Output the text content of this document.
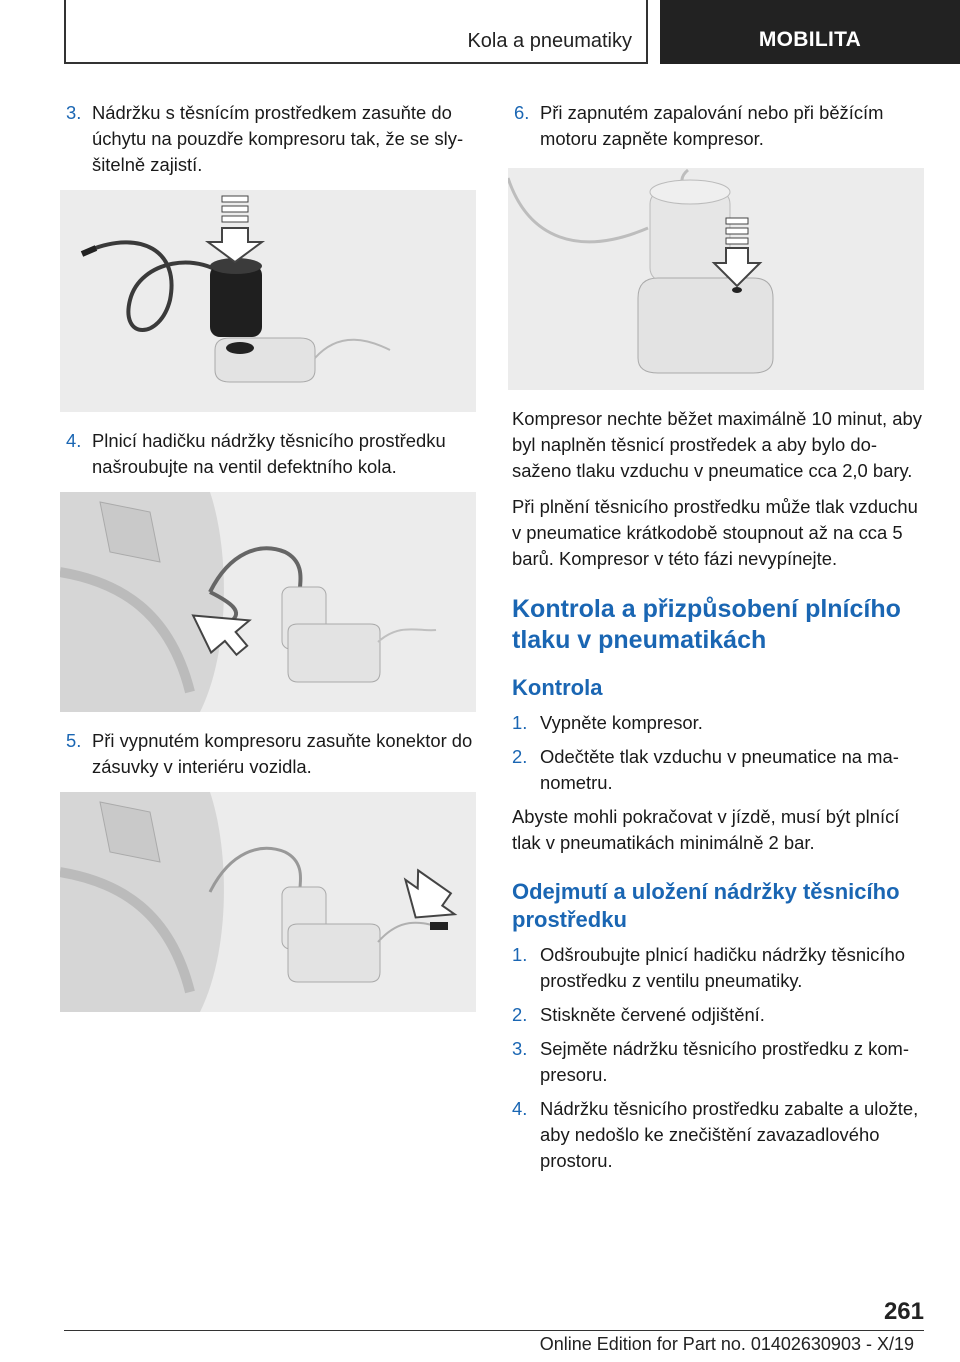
Kola a pneumatiky	MOBILITA
3. Nádržku s těsnícím prostředkem zasuňte do úchytu na pouzdře kompresoru tak, že se slyšitelně zajistí.
4. Plnicí hadičku nádržky těsnicího prostředku našroubujte na ventil defektního kola.
5. Při vypnutém kompresoru zasuňte konektor do zásuvky v interiéru vozidla.
6. Při zapnutém zapalování nebo při běžícím motoru zapněte kompresor.

Kompresor nechte běžet maximálně 10 minut, aby byl naplněn těsnicí prostředek a aby bylo dosaženo tlaku vzduchu v pneumatice cca 2,0 bary.

Při plnění těsnicího prostředku může tlak vzduchu v pneumatice krátkodobě stoupnout až na cca 5 barů. Kompresor v této fázi nevypínejte.

Kontrola a přizpůsobení plnícího tlaku v pneumatikách
Kontrola
1. Vypněte kompresor.
2. Odečtěte tlak vzduchu v pneumatice na manometru.

Abyste mohli pokračovat v jízdě, musí být plnící tlak v pneumatikách minimálně 2 bar.

Odejmutí a uložení nádržky těsnicího prostředku
1. Odšroubujte plnicí hadičku nádržky těsnicího prostředku z ventilu pneumatiky.
2. Stiskněte červené odjištění.
3. Sejměte nádržku těsnicího prostředku z kompresoru.
4. Nádržku těsnicího prostředku zabalte a uložte, aby nedošlo ke znečištění zavazadlového prostoru.
261
Online Edition for Part no. 01402630903 - X/19
